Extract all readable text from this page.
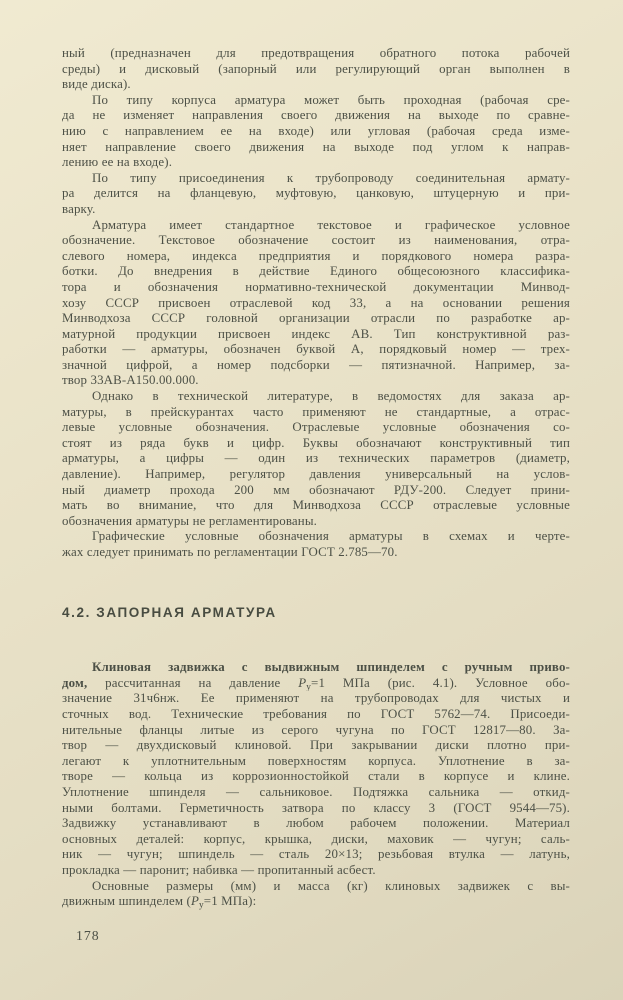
ный (предназначен для предотвращения обратного потока рабочей
среды) и дисковый (запорный или регулирующий орган выполнен в
виде диска).
По типу корпуса арматура может быть проходная (рабочая сре-
да не изменяет направления своего движения на выходе по сравне-
нию с направлением ее на входе) или угловая (рабочая среда изме-
няет направление своего движения на выходе под углом к направ-
лению ее на входе).
По типу присоединения к трубопроводу соединительная армату-
ра делится на фланцевую, муфтовую, цанковую, штуцерную и при-
варку.
Арматура имеет стандартное текстовое и графическое условное
обозначение. Текстовое обозначение состоит из наименования, отра-
слевого номера, индекса предприятия и порядкового номера разра-
ботки. До внедрения в действие Единого общесоюзного классифика-
тора и обозначения нормативно-технической документации Минвод-
хозу СССР присвоен отраслевой код 33, а на основании решения
Минводхоза СССР головной организации отрасли по разработке ар-
матурной продукции присвоен индекс АВ. Тип конструктивной раз-
работки — арматуры, обозначен буквой А, порядковый номер — трех-
значной цифрой, а номер подсборки — пятизначной. Например, за-
твор 33АВ-А150.00.000.
Однако в технической литературе, в ведомостях для заказа ар-
матуры, в прейскурантах часто применяют не стандартные, а отрас-
левые условные обозначения. Отраслевые условные обозначения со-
стоят из ряда букв и цифр. Буквы обозначают конструктивный тип
арматуры, а цифры — один из технических параметров (диаметр,
давление). Например, регулятор давления универсальный на услов-
ный диаметр прохода 200 мм обозначают РДУ-200. Следует прини-
мать во внимание, что для Минводхоза СССР отраслевые условные
обозначения арматуры не регламентированы.
Графические условные обозначения арматуры в схемах и черте-
жах следует принимать по регламентации ГОСТ 2.785—70.
4.2. ЗАПОРНАЯ АРМАТУРА
Клиновая задвижка с выдвижным шпинделем с ручным приво-
дом, рассчитанная на давление Pу=1 МПа (рис. 4.1). Условное обо-
значение 31ч6нж. Ее применяют на трубопроводах для чистых и
сточных вод. Технические требования по ГОСТ 5762—74. Присоеди-
нительные фланцы литые из серого чугуна по ГОСТ 12817—80. За-
твор — двухдисковый клиновой. При закрывании диски плотно при-
легают к уплотнительным поверхностям корпуса. Уплотнение в за-
творе — кольца из коррозионностойкой стали в корпусе и клине.
Уплотнение шпинделя — сальниковое. Подтяжка сальника — откид-
ными болтами. Герметичность затвора по классу 3 (ГОСТ 9544—75).
Задвижку устанавливают в любом рабочем положении. Материал
основных деталей: корпус, крышка, диски, маховик — чугун; саль-
ник — чугун; шпиндель — сталь 20×13; резьбовая втулка — латунь,
прокладка — паронит; набивка — пропитанный асбест.
Основные размеры (мм) и масса (кг) клиновых задвижек с вы-
движным шпинделем (Pу=1 МПа):
178
